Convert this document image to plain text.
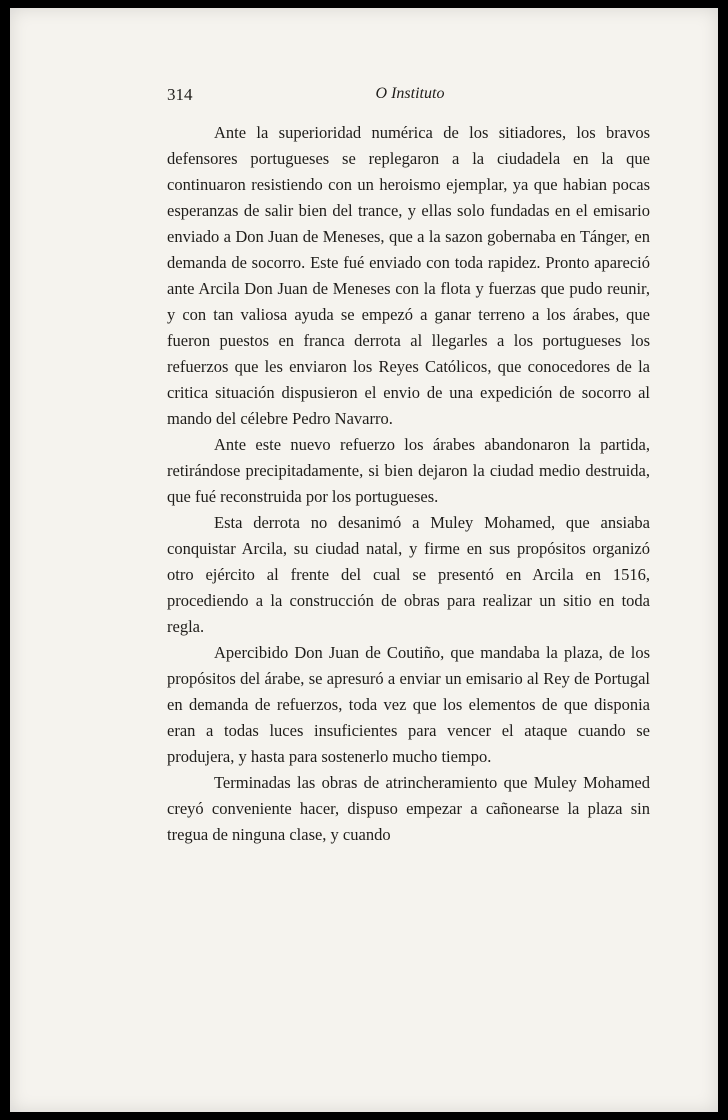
314	O Instituto

Ante la superioridad numérica de los sitiadores, los bravos defensores portugueses se replegaron a la ciudadela en la que continuaron resistiendo con un heroismo ejemplar, ya que habian pocas esperanzas de salir bien del trance, y ellas solo fundadas en el emisario enviado a Don Juan de Meneses, que a la sazon gobernaba en Tánger, en demanda de socorro. Este fué enviado con toda rapidez. Pronto apareció ante Arcila Don Juan de Meneses con la flota y fuerzas que pudo reunir, y con tan valiosa ayuda se empezó a ganar terreno a los árabes, que fueron puestos en franca derrota al llegarles a los portugueses los refuerzos que les enviaron los Reyes Católicos, que conocedores de la critica situación dispusieron el envio de una expedición de socorro al mando del célebre Pedro Navarro.

Ante este nuevo refuerzo los árabes abandonaron la partida, retirándose precipitadamente, si bien dejaron la ciudad medio destruida, que fué reconstruida por los portugueses.

Esta derrota no desanimó a Muley Mohamed, que ansiaba conquistar Arcila, su ciudad natal, y firme en sus propósitos organizó otro ejército al frente del cual se presentó en Arcila en 1516, procediendo a la construcción de obras para realizar un sitio en toda regla.

Apercibido Don Juan de Coutiño, que mandaba la plaza, de los propósitos del árabe, se apresuró a enviar un emisario al Rey de Portugal en demanda de refuerzos, toda vez que los elementos de que disponia eran a todas luces insuficientes para vencer el ataque cuando se produjera, y hasta para sostenerlo mucho tiempo.

Terminadas las obras de atrincheramiento que Muley Mohamed creyó conveniente hacer, dispuso empezar a cañonearse la plaza sin tregua de ninguna clase, y cuando
